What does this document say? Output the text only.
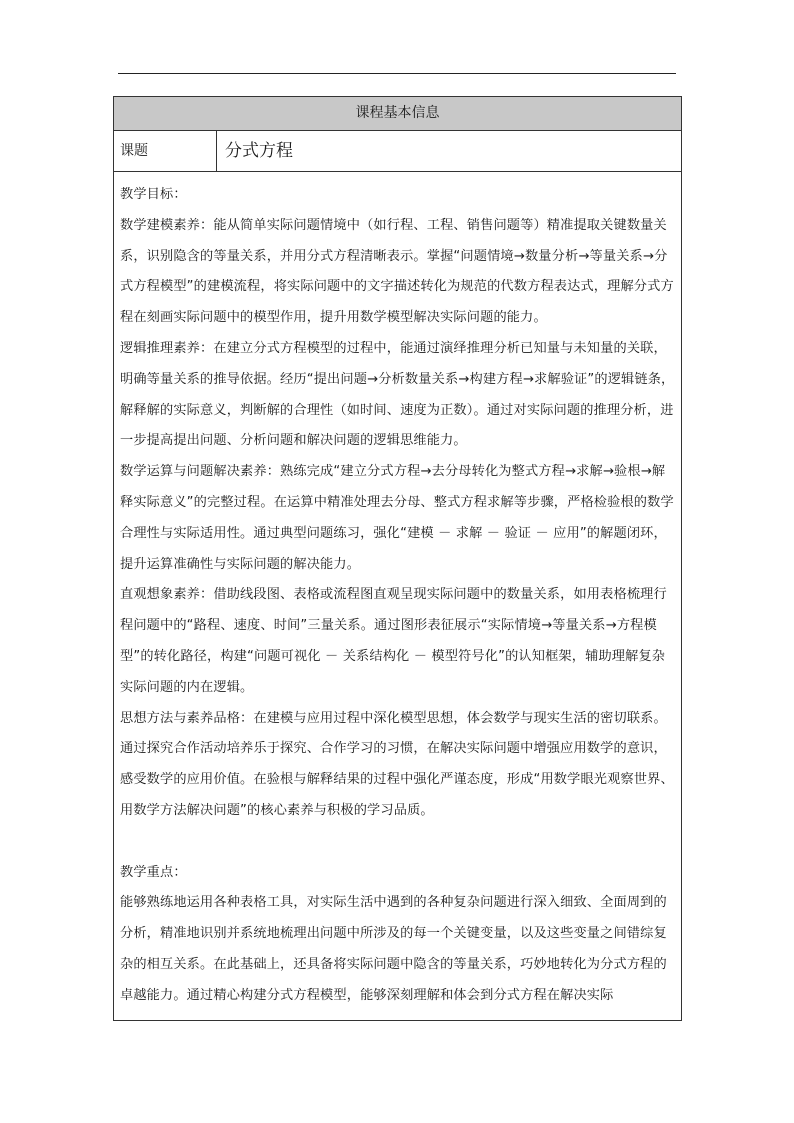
课程基本信息
课题	分式方程

教学目标：

数学建模素养：能从简单实际问题情境中（如行程、工程、销售问题等）精准提取关键数量关系，识别隐含的等量关系，并用分式方程清晰表示。掌握“问题情境→数量分析→等量关系→分式方程模型”的建模流程，将实际问题中的文字描述转化为规范的代数方程表达式，理解分式方程在刻画实际问题中的模型作用，提升用数学模型解决实际问题的能力。

逻辑推理素养：在建立分式方程模型的过程中，能通过演绎推理分析已知量与未知量的关联，明确等量关系的推导依据。经历“提出问题→分析数量关系→构建方程→求解验证”的逻辑链条，解释解的实际意义，判断解的合理性（如时间、速度为正数）。通过对实际问题的推理分析，进一步提高提出问题、分析问题和解决问题的逻辑思维能力。

数学运算与问题解决素养：熟练完成“建立分式方程→去分母转化为整式方程→求解→验根→解释实际意义”的完整过程。在运算中精准处理去分母、整式方程求解等步骤，严格检验根的数学合理性与实际适用性。通过典型问题练习，强化“建模 － 求解 － 验证 － 应用”的解题闭环，提升运算准确性与实际问题的解决能力。

直观想象素养：借助线段图、表格或流程图直观呈现实际问题中的数量关系，如用表格梳理行程问题中的“路程、速度、时间”三量关系。通过图形表征展示“实际情境→等量关系→方程模型”的转化路径，构建“问题可视化 － 关系结构化 － 模型符号化”的认知框架，辅助理解复杂实际问题的内在逻辑。

思想方法与素养品格：在建模与应用过程中深化模型思想，体会数学与现实生活的密切联系。通过探究合作活动培养乐于探究、合作学习的习惯，在解决实际问题中增强应用数学的意识，感受数学的应用价值。在验根与解释结果的过程中强化严谨态度，形成“用数学眼光观察世界、用数学方法解决问题”的核心素养与积极的学习品质。

教学重点：

能够熟练地运用各种表格工具，对实际生活中遇到的各种复杂问题进行深入细致、全面周到的分析，精准地识别并系统地梳理出问题中所涉及的每一个关键变量，以及这些变量之间错综复杂的相互关系。在此基础上，还具备将实际问题中隐含的等量关系，巧妙地转化为分式方程的卓越能力。通过精心构建分式方程模型，能够深刻理解和体会到分式方程在解决实际
